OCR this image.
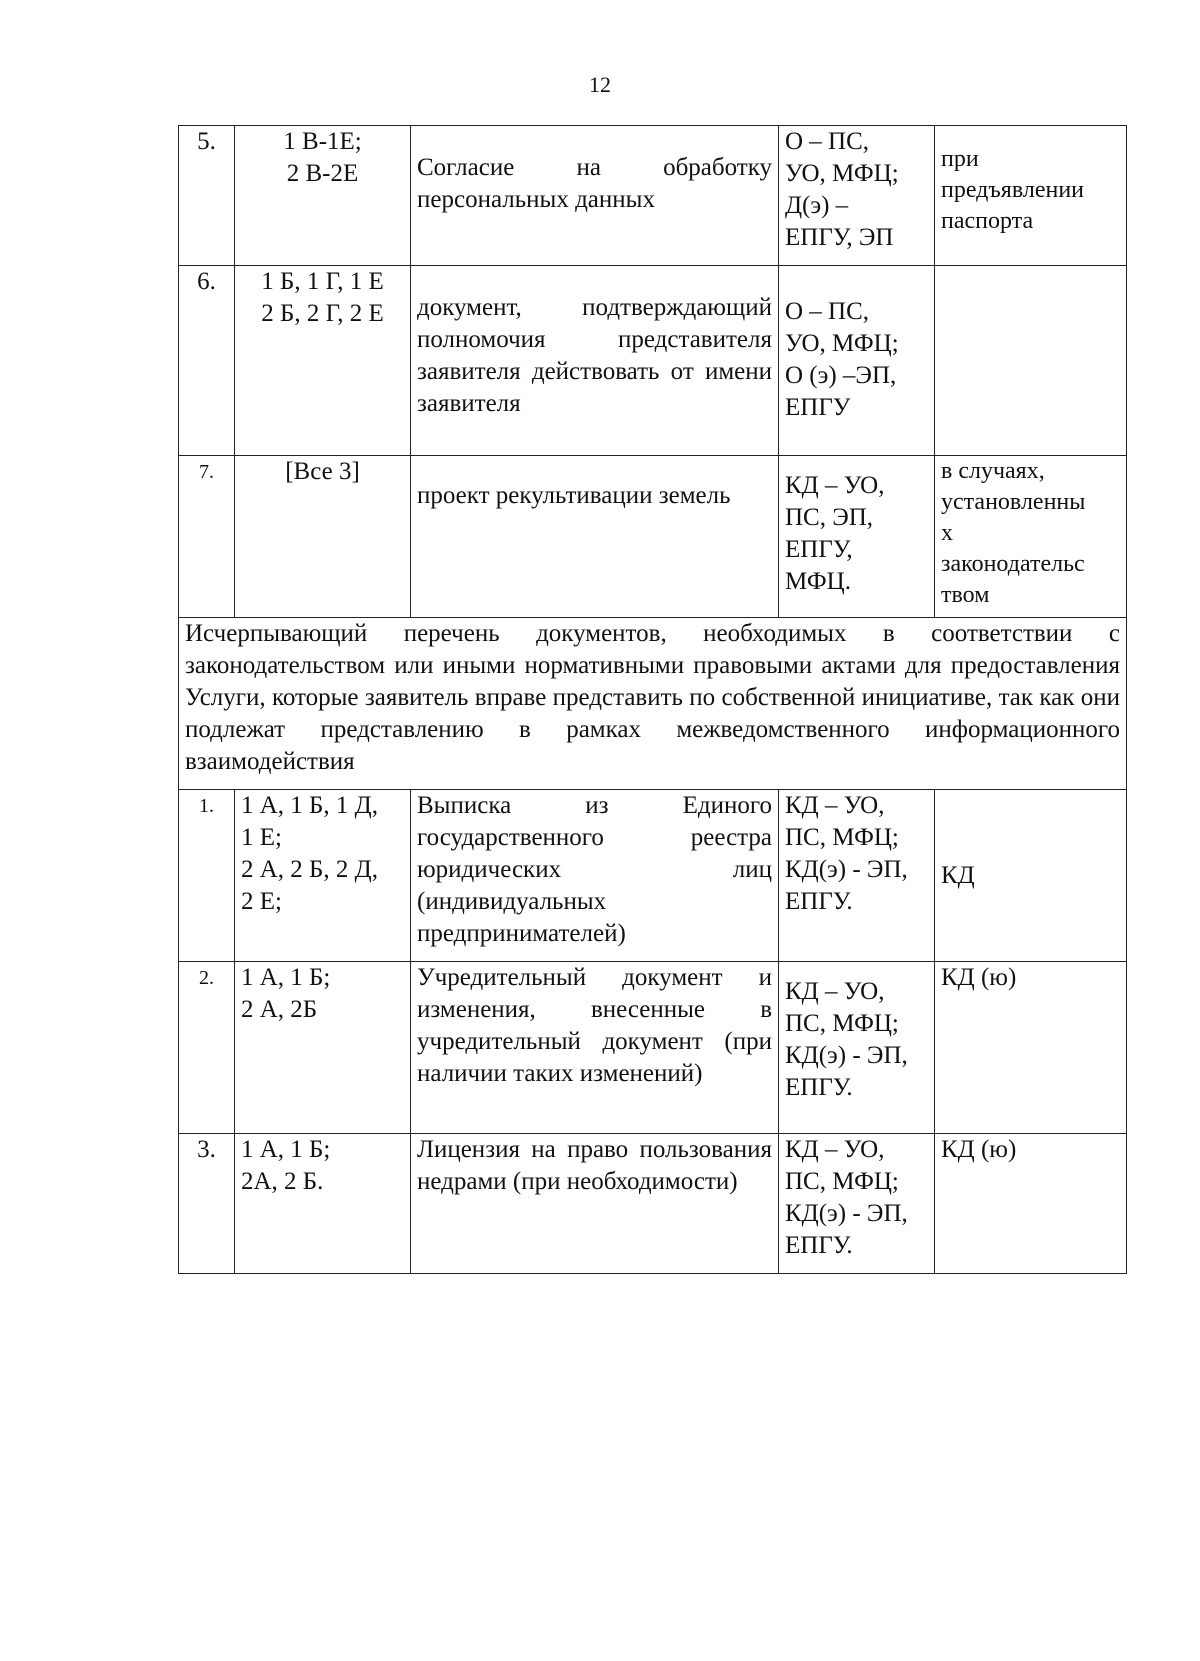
12
5.	1 В-1Е;
2 В-2Е	Согласие на обработку персональных данных	О – ПС,
УО, МФЦ;
Д(э) –
ЕПГУ, ЭП	при
предъявлении
паспорта

6.	1 Б, 1 Г, 1 Е
2 Б, 2 Г, 2 Е	документ, подтверждающий полномочия представителя заявителя действовать от имени заявителя	О – ПС,
УО, МФЦ;
О (э) –ЭП,
ЕПГУ	

7.	[Все 3]	проект рекультивации земель	КД – УО,
ПС, ЭП,
ЕПГУ,
МФЦ.	в случаях,
установленны
х
законодательс
твом

Исчерпывающий перечень документов, необходимых в соответствии с законодательством или иными нормативными правовыми актами для предоставления Услуги, которые заявитель вправе представить по собственной инициативе, так как они подлежат представлению в рамках межведомственного информационного взаимодействия				
1.	1 А, 1 Б, 1 Д,
1 Е;
2 А, 2 Б, 2 Д,
2 Е;	Выписка из Единого государственного реестра юридических лиц (индивидуальных предпринимателей)	КД – УО,
ПС, МФЦ;
КД(э) - ЭП,
ЕПГУ.	КД

2.	1 А, 1 Б;
2 А, 2Б	Учредительный документ и изменения, внесенные в учредительный документ (при наличии таких изменений)	КД – УО,
ПС, МФЦ;
КД(э) - ЭП,
ЕПГУ.	КД (ю)

3.	1 А, 1 Б;
2А, 2 Б.	Лицензия на право пользования недрами (при необходимости)	КД – УО,
ПС, МФЦ;
КД(э) - ЭП,
ЕПГУ.	КД (ю)
